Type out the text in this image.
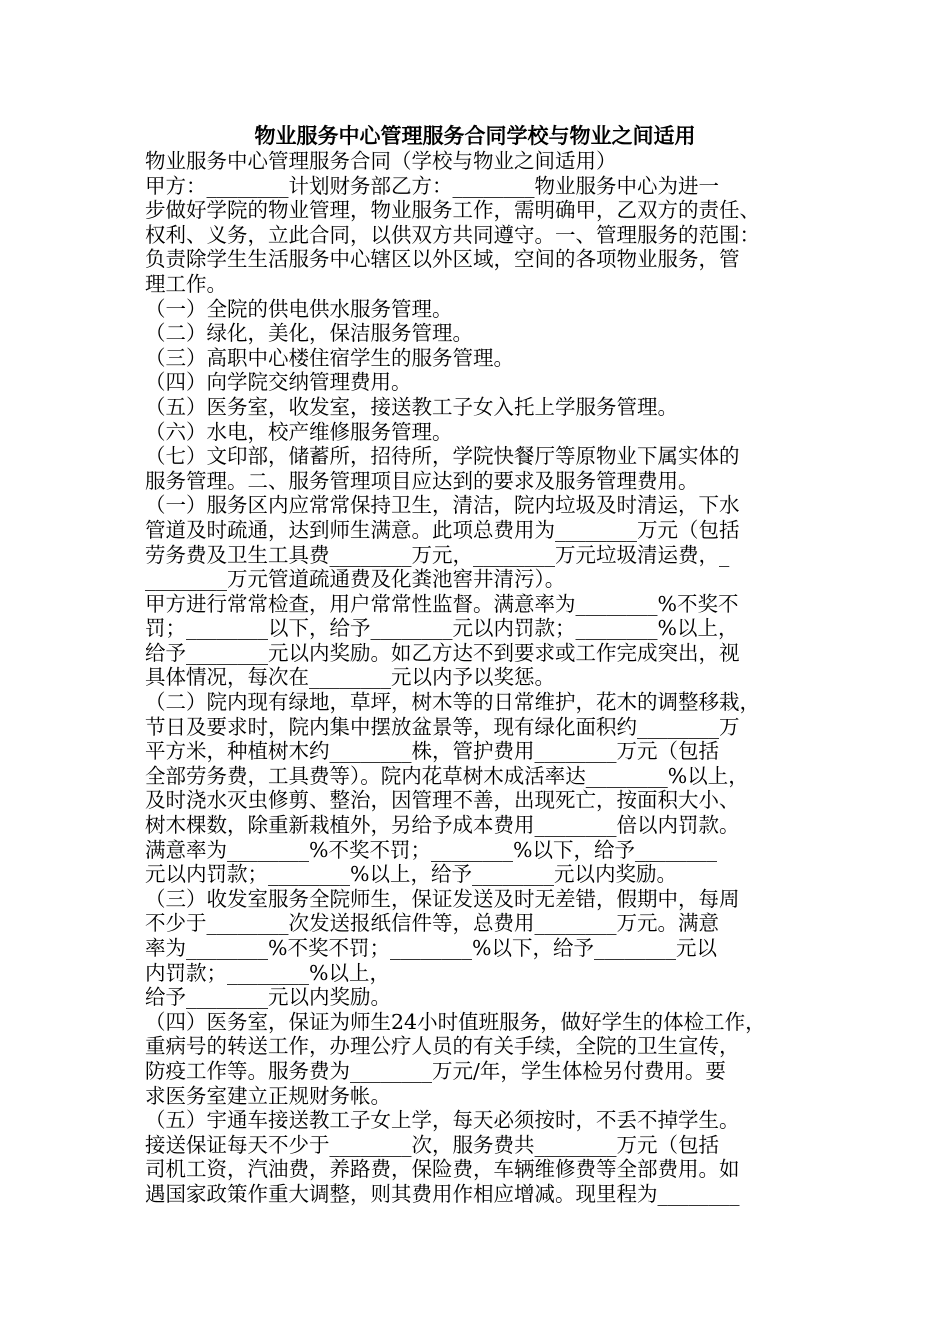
物业服务中心管理服务合同学校与物业之间适用
物业服务中心管理服务合同（学校与物业之间适用）
甲方：________计划财务部乙方：________物业服务中心为进一
步做好学院的物业管理，物业服务工作，需明确甲，乙双方的责任、
权利、义务，立此合同，以供双方共同遵守。一、管理服务的范围：
负责除学生生活服务中心辖区以外区域，空间的各项物业服务，管
理工作。
（一）全院的供电供水服务管理。
（二）绿化，美化，保洁服务管理。
（三）高职中心楼住宿学生的服务管理。
（四）向学院交纳管理费用。
（五）医务室，收发室，接送教工子女入托上学服务管理。
（六）水电，校产维修服务管理。
（七）文印部，储蓄所，招待所，学院快餐厅等原物业下属实体的
服务管理。二、服务管理项目应达到的要求及服务管理费用。
（一）服务区内应常常保持卫生，清洁，院内垃圾及时清运，下水
管道及时疏通，达到师生满意。此项总费用为________万元（包括
劳务费及卫生工具费________万元，________万元垃圾清运费，_
________万元管道疏通费及化粪池窖井清污）。
甲方进行常常检查，用户常常性监督。满意率为________%不奖不
罚；________以下，给予________元以内罚款；________%以上，
给予________元以内奖励。如乙方达不到要求或工作完成突出，视
具体情况，每次在________元以内予以奖惩。
（二）院内现有绿地，草坪，树木等的日常维护，花木的调整移栽，
节日及要求时，院内集中摆放盆景等，现有绿化面积约________万
平方米，种植树木约________株，管护费用________万元（包括
全部劳务费，工具费等）。院内花草树木成活率达________%以上，
及时浇水灭虫修剪、整治，因管理不善，出现死亡，按面积大小、
树木棵数，除重新栽植外，另给予成本费用________倍以内罚款。
满意率为________%不奖不罚；________%以下，给予________
元以内罚款；________%以上，给予________元以内奖励。
（三）收发室服务全院师生，保证发送及时无差错，假期中，每周
不少于________次发送报纸信件等，总费用________万元。满意
率为________%不奖不罚；________%以下，给予________元以
内罚款；________%以上，
给予________元以内奖励。
（四）医务室，保证为师生24小时值班服务，做好学生的体检工作，
重病号的转送工作，办理公疗人员的有关手续，全院的卫生宣传，
防疫工作等。服务费为________万元/年，学生体检另付费用。要
求医务室建立正规财务帐。
（五）宇通车接送教工子女上学，每天必须按时，不丢不掉学生。
接送保证每天不少于________次，服务费共________万元（包括
司机工资，汽油费，养路费，保险费，车辆维修费等全部费用。如
遇国家政策作重大调整，则其费用作相应增减。现里程为________
